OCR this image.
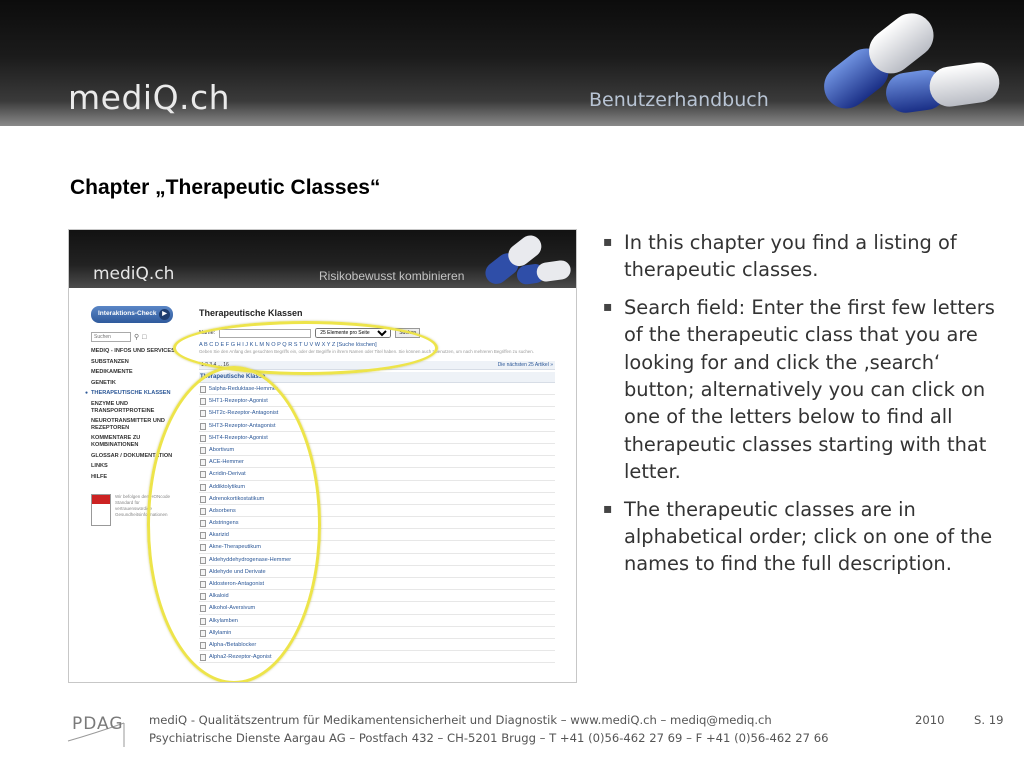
mediQ.ch	Benutzerhandbuch
Chapter „Therapeutic Classes“
mediQ.ch	Risikobewusst kombinieren
Interaktions-Check ▶
Suchen
⚲ □
MEDIQ - INFOS UND SERVICES
SUBSTANZEN
MEDIKAMENTE
GENETIK
● THERAPEUTISCHE KLASSEN
ENZYME UND TRANSPORTPROTEINE
NEUROTRANSMITTER UND REZEPTOREN
KOMMENTARE ZU KOMBINATIONEN
GLOSSAR / DOKUMENTATION
LINKS
HILFE
Wir befolgen den HONcode Standard für vertrauenswürdige Gesundheitsinformationen
Therapeutische Klassen
Name:
25 Elemente pro Seite	Suchen
A B C D E F G H I J K L M N O P Q R S T U V W X Y Z [Suche löschen]
Geben Sie den Anfang des gesuchten Begriffs ein, oder der Begriffe in ihrem Namen oder Titel haben. Sie können auch * benutzen, um nach mehreren Begriffen zu suchen.
1 2 3 4 ... 16	Die nächsten 25 Artikel »
Therapeutische Klasse
5alpha-Reduktase-Hemmer
5HT1-Rezeptor-Agonist
5HT2c-Rezeptor-Antagonist
5HT3-Rezeptor-Antagonist
5HT4-Rezeptor-Agonist
Abortivum
ACE-Hemmer
Acridin-Derivat
Addiktolytikum
Adrenokortikostatikum
Adsorbens
Adstringens
Akarizid
Akne-Therapeutikum
Aldehyddehydrogenase-Hemmer
Aldehyde und Derivate
Aldosteron-Antagonist
Alkaloid
Alkohol-Aversivum
Alkylamben
Allylamin
Alpha-/Betablocker
Alpha2-Rezeptor-Agonist
▪ In this chapter you find a listing of therapeutic classes.
▪ Search field: Enter the first few letters of the therapeutic class that you are looking for and click the ‚search‘ button; alternatively you can click on one of the letters below to find all therapeutic classes starting with that letter.
▪ The therapeutic classes are in alphabetical order; click on one of the names to find the full description.
PDAG mediQ - Qualitätszentrum für Medikamentensicherheit und Diagnostik – www.mediQ.ch – mediq@mediq.ch
Psychiatrische Dienste Aargau AG – Postfach 432 – CH-5201 Brugg – T +41 (0)56-462 27 69 – F +41 (0)56-462 27 66
2010	S. 19
